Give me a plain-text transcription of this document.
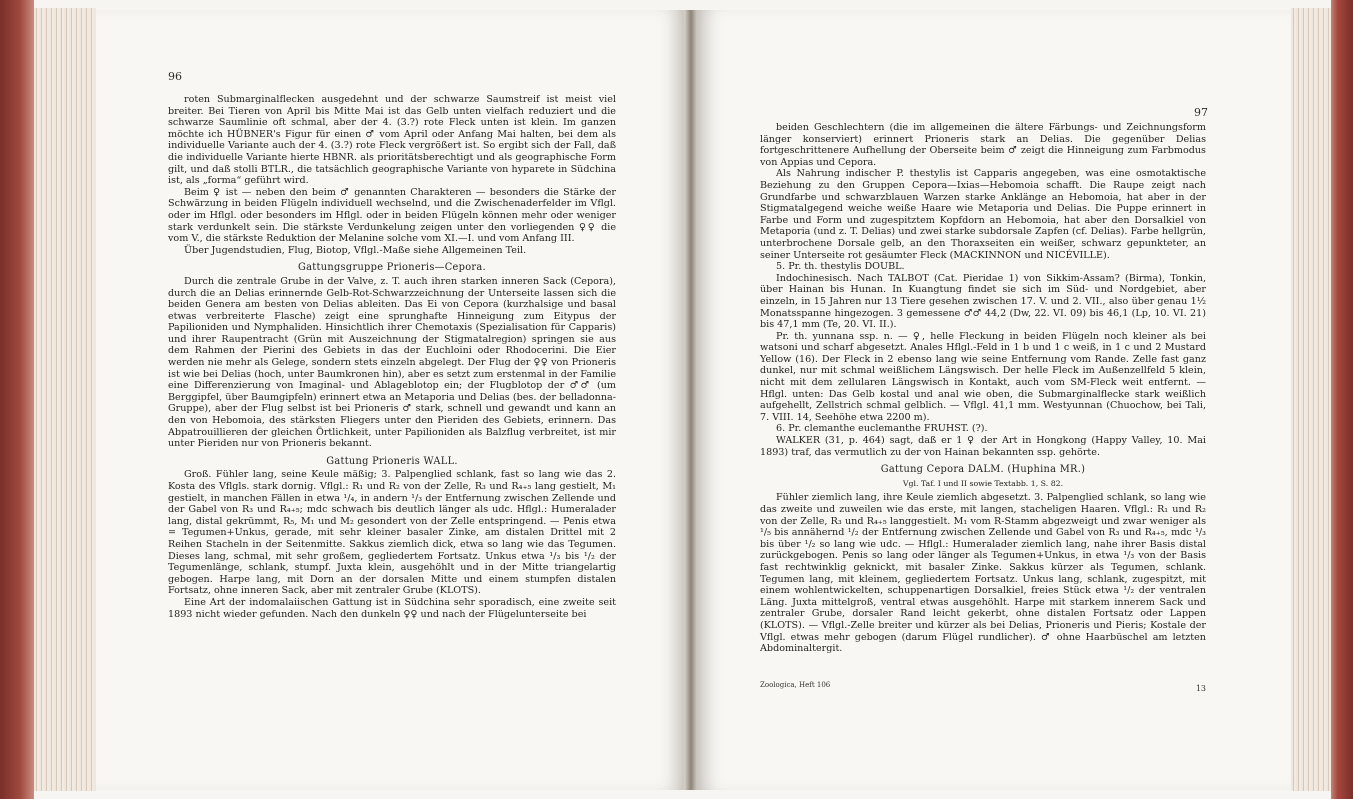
96

roten Submarginalflecken ausgedehnt und der schwarze Saumstreif ist meist viel breiter. Bei Tieren von April bis Mitte Mai ist das Gelb unten vielfach reduziert und die schwarze Saumlinie oft schmal, aber der 4. (3.?) rote Fleck unten ist klein. Im ganzen möchte ich HÜBNER's Figur für einen ♂ vom April oder Anfang Mai halten, bei dem als individuelle Variante auch der 4. (3.?) rote Fleck vergrößert ist. So ergibt sich der Fall, daß die individuelle Variante hierte HBNR. als prioritätsberechtigt und als geographische Form gilt, und daß stolli BTLR., die tatsächlich geographische Variante von hyparete in Südchina ist, als „forma“ geführt wird.

Beim ♀ ist — neben den beim ♂ genannten Charakteren — besonders die Stärke der Schwärzung in beiden Flügeln individuell wechselnd, und die Zwischenaderfelder im Vflgl. oder im Hflgl. oder besonders im Hflgl. oder in beiden Flügeln können mehr oder weniger stark verdunkelt sein. Die stärkste Verdunkelung zeigen unter den vorliegenden ♀♀ die vom V., die stärkste Reduktion der Melanine solche vom XI.—I. und vom Anfang III.

Über Jugendstudien, Flug, Biotop, Vflgl.-Maße siehe Allgemeinen Teil.

Gattungsgruppe Prioneris—Cepora.

Durch die zentrale Grube in der Valve, z. T. auch ihren starken inneren Sack (Cepora), durch die an Delias erinnernde Gelb-Rot-Schwarzzeichnung der Unterseite lassen sich die beiden Genera am besten von Delias ableiten. Das Ei von Cepora (kurzhalsige und basal etwas verbreiterte Flasche) zeigt eine sprunghafte Hinneigung zum Eitypus der Papilioniden und Nymphaliden. Hinsichtlich ihrer Chemotaxis (Spezialisation für Capparis) und ihrer Raupentracht (Grün mit Auszeichnung der Stigmatalregion) springen sie aus dem Rahmen der Pierini des Gebiets in das der Euchloini oder Rhodocerini. Die Eier werden nie mehr als Gelege, sondern stets einzeln abgelegt. Der Flug der ♀♀ von Prioneris ist wie bei Delias (hoch, unter Baumkronen hin), aber es setzt zum erstenmal in der Familie eine Differenzierung von Imaginal- und Ablageblotop ein; der Flugblotop der ♂♂ (um Berggipfel, über Baumgipfeln) erinnert etwa an Metaporia und Delias (bes. der belladonna-Gruppe), aber der Flug selbst ist bei Prioneris ♂ stark, schnell und gewandt und kann an den von Hebomoia, des stärksten Fliegers unter den Pieriden des Gebiets, erinnern. Das Abpatrouillieren der gleichen Örtlichkeit, unter Papilioniden als Balzflug verbreitet, ist mir unter Pieriden nur von Prioneris bekannt.

Gattung Prioneris WALL.

Groß. Fühler lang, seine Keule mäßig; 3. Palpenglied schlank, fast so lang wie das 2. Kosta des Vflgls. stark dornig. Vflgl.: R₁ und R₂ von der Zelle, R₃ und R₄₊₅ lang gestielt, M₁ gestielt, in manchen Fällen in etwa ¹/₄, in andern ¹/₃ der Entfernung zwischen Zellende und der Gabel von R₃ und R₄₊₅; mdc schwach bis deutlich länger als udc. Hflgl.: Humeralader lang, distal gekrümmt, R₅, M₁ und M₂ gesondert von der Zelle entspringend. — Penis etwa = Tegumen+Unkus, gerade, mit sehr kleiner basaler Zinke, am distalen Drittel mit 2 Reihen Stacheln in der Seitenmitte. Sakkus ziemlich dick, etwa so lang wie das Tegumen. Dieses lang, schmal, mit sehr großem, gegliedertem Fortsatz. Unkus etwa ¹/₃ bis ¹/₂ der Tegumenlänge, schlank, stumpf. Juxta klein, ausgehöhlt und in der Mitte triangelartig gebogen. Harpe lang, mit Dorn an der dorsalen Mitte und einem stumpfen distalen Fortsatz, ohne inneren Sack, aber mit zentraler Grube (KLOTS).

Eine Art der indomalaiischen Gattung ist in Südchina sehr sporadisch, eine zweite seit 1893 nicht wieder gefunden. Nach den dunkeln ♀♀ und nach der Flügelunterseite bei

97

beiden Geschlechtern (die im allgemeinen die ältere Färbungs- und Zeichnungsform länger konserviert) erinnert Prioneris stark an Delias. Die gegenüber Delias fortgeschrittenere Aufhellung der Oberseite beim ♂ zeigt die Hinneigung zum Farbmodus von Appias und Cepora.

Als Nahrung indischer P. thestylis ist Capparis angegeben, was eine osmotaktische Beziehung zu den Gruppen Cepora—Ixias—Hebomoia schafft. Die Raupe zeigt nach Grundfarbe und schwarzblauen Warzen starke Anklänge an Hebomoia, hat aber in der Stigmatalgegend weiche weiße Haare wie Metaporia und Delias. Die Puppe erinnert in Farbe und Form und zugespitztem Kopfdorn an Hebomoia, hat aber den Dorsalkiel von Metaporia (und z. T. Delias) und zwei starke subdorsale Zapfen (cf. Delias). Farbe hellgrün, unterbrochene Dorsale gelb, an den Thoraxseiten ein weißer, schwarz gepunkteter, an seiner Unterseite rot gesäumter Fleck (MACKINNON und NICÉVILLE).

5. Pr. th. thestylis DOUBL.

Indochinesisch. Nach TALBOT (Cat. Pieridae 1) von Sikkim-Assam? (Birma), Tonkin, über Hainan bis Hunan. In Kuangtung findet sie sich im Süd- und Nordgebiet, aber einzeln, in 15 Jahren nur 13 Tiere gesehen zwischen 17. V. und 2. VII., also über genau 1½ Monatsspanne hingezogen. 3 gemessene ♂♂ 44,2 (Dw, 22. VI. 09) bis 46,1 (Lp, 10. VI. 21) bis 47,1 mm (Te, 20. VI. II.).

Pr. th. yunnana ssp. n. — ♀, helle Fleckung in beiden Flügeln noch kleiner als bei watsoni und scharf abgesetzt. Anales Hflgl.-Feld in 1 b und 1 c weiß, in 1 c und 2 Mustard Yellow (16). Der Fleck in 2 ebenso lang wie seine Entfernung vom Rande. Zelle fast ganz dunkel, nur mit schmal weißlichem Längswisch. Der helle Fleck im Außenzellfeld 5 klein, nicht mit dem zellularen Längswisch in Kontakt, auch vom SM-Fleck weit entfernt. — Hflgl. unten: Das Gelb kostal und anal wie oben, die Submarginalflecke stark weißlich aufgehellt, Zellstrich schmal gelblich. — Vflgl. 41,1 mm. Westyunnan (Chuochow, bei Tali, 7. VIII. 14, Seehöhe etwa 2200 m).

6. Pr. clemanthe euclemanthe FRUHST. (?).

WALKER (31, p. 464) sagt, daß er 1 ♀ der Art in Hongkong (Happy Valley, 10. Mai 1893) traf, das vermutlich zu der von Hainan bekannten ssp. gehörte.

Gattung Cepora DALM. (Huphina MR.)
Vgl. Taf. I und II sowie Textabb. 1, S. 82.

Fühler ziemlich lang, ihre Keule ziemlich abgesetzt. 3. Palpenglied schlank, so lang wie das zweite und zuweilen wie das erste, mit langen, stacheligen Haaren. Vflgl.: R₁ und R₂ von der Zelle, R₃ und R₄₊₅ langgestielt. M₁ vom R-Stamm abgezweigt und zwar weniger als ¹/₅ bis annähernd ¹/₂ der Entfernung zwischen Zellende und Gabel von R₃ und R₄₊₅, mdc ¹/₃ bis über ¹/₂ so lang wie udc. — Hflgl.: Humeralader ziemlich lang, nahe ihrer Basis distal zurückgebogen. Penis so lang oder länger als Tegumen+Unkus, in etwa ¹/₃ von der Basis fast rechtwinklig geknickt, mit basaler Zinke. Sakkus kürzer als Tegumen, schlank. Tegumen lang, mit kleinem, gegliedertem Fortsatz. Unkus lang, schlank, zugespitzt, mit einem wohlentwickelten, schuppenartigen Dorsalkiel, freies Stück etwa ¹/₂ der ventralen Läng. Juxta mittelgroß, ventral etwas ausgehöhlt. Harpe mit starkem innerem Sack und zentraler Grube, dorsaler Rand leicht gekerbt, ohne distalen Fortsatz oder Lappen (KLOTS). — Vflgl.-Zelle breiter und kürzer als bei Delias, Prioneris und Pieris; Kostale der Vflgl. etwas mehr gebogen (darum Flügel rundlicher). ♂ ohne Haarbüschel am letzten Abdominaltergit.

Zoologica, Heft 106	13
